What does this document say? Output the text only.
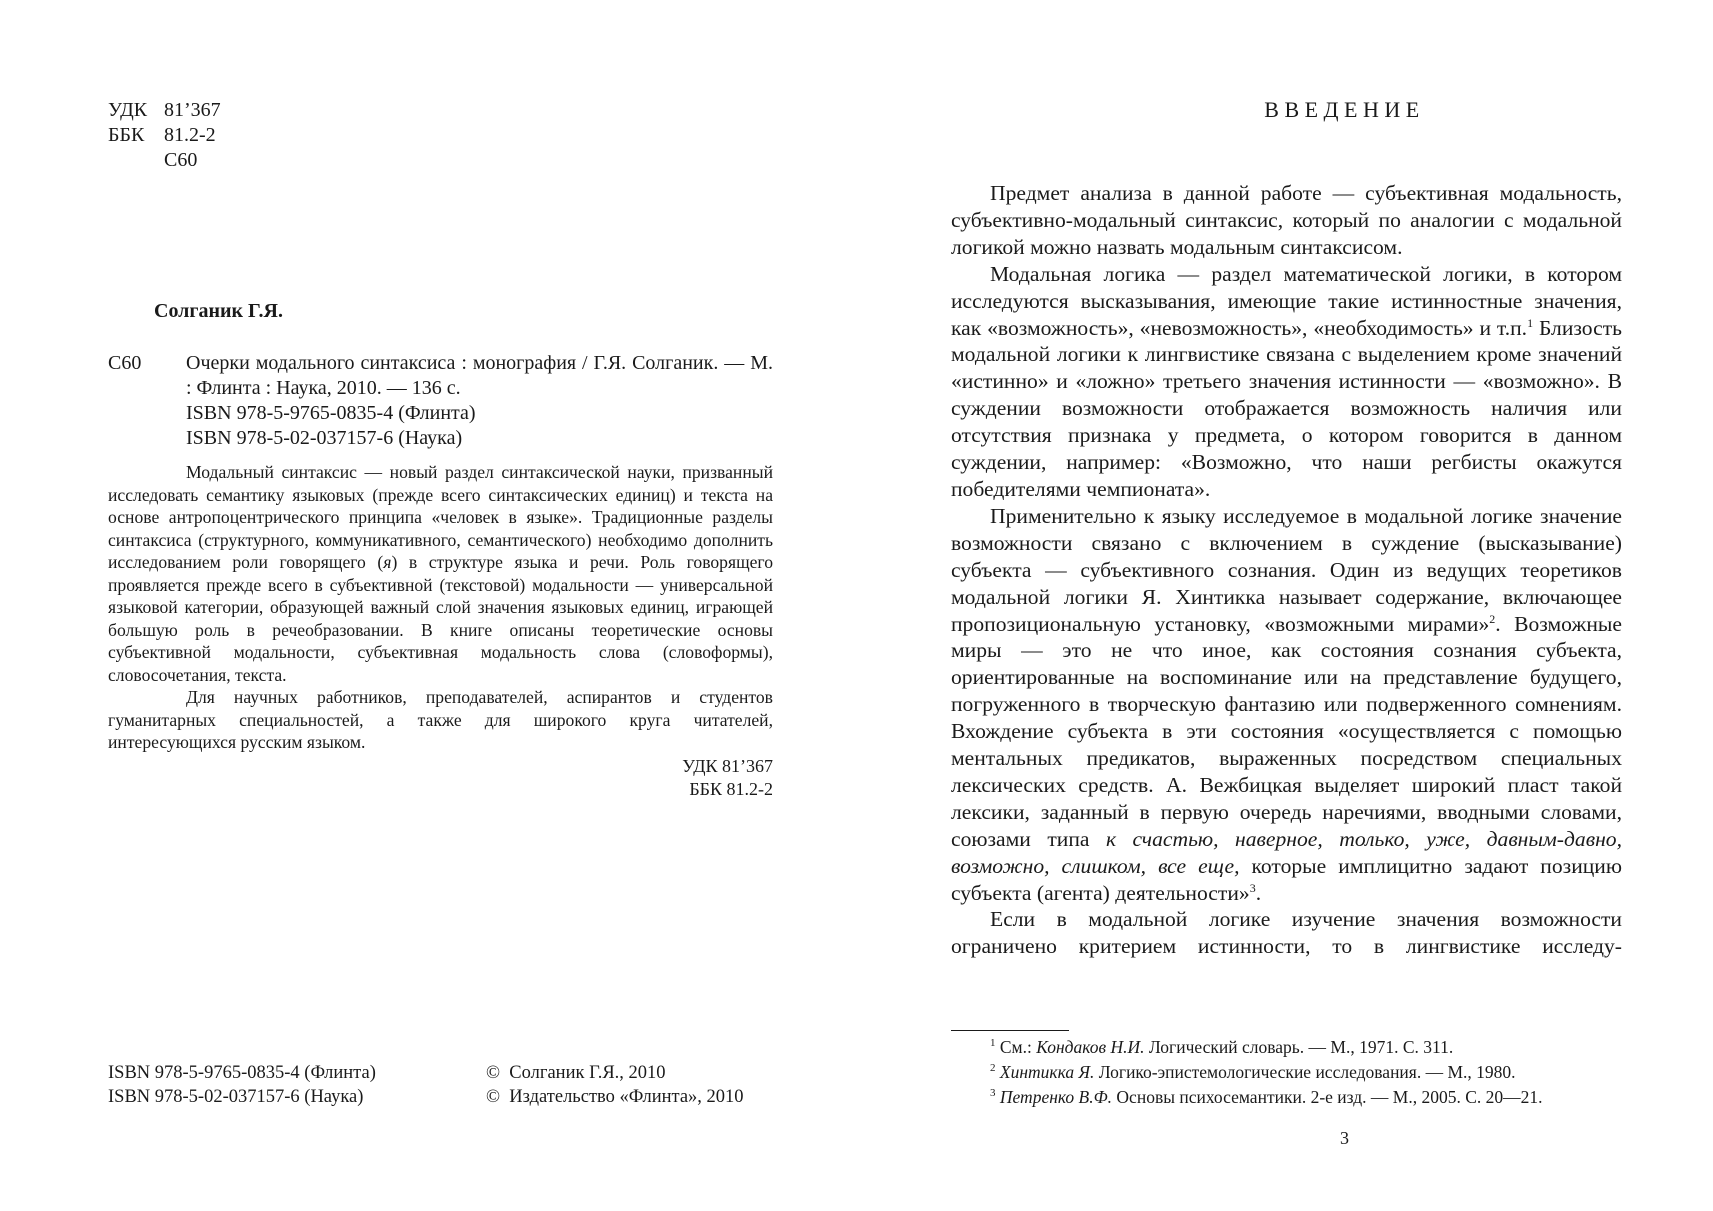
УДК 81’367
ББК 81.2-2
С60
Солганик Г.Я.
С60 Очерки модального синтаксиса : монография / Г.Я. Солганик. — М. : Флинта : Наука, 2010. — 136 с.
ISBN 978-5-9765-0835-4 (Флинта)
ISBN 978-5-02-037157-6 (Наука)

Модальный синтаксис — новый раздел синтаксической науки, призванный исследовать семантику языковых (прежде всего синтаксических единиц) и текста на основе антропоцентрического принципа «человек в языке». Традиционные разделы синтаксиса (структурного, коммуникативного, семантического) необходимо дополнить исследованием роли говорящего (я) в структуре языка и речи. Роль говорящего проявляется прежде всего в субъективной (текстовой) модальности — универсальной языковой категории, образующей важный слой значения языковых единиц, играющей большую роль в речеобразовании. В книге описаны теоретические основы субъективной модальности, субъективная модальность слова (словоформы), словосочетания, текста.

Для научных работников, преподавателей, аспирантов и студентов гуманитарных специальностей, а также для широкого круга читателей, интересующихся русским языком.

УДК 81’367
ББК 81.2-2
ISBN 978-5-9765-0835-4 (Флинта)
ISBN 978-5-02-037157-6 (Наука)
©  Солганик Г.Я., 2010
©  Издательство «Флинта», 2010
ВВЕДЕНИЕ

Предмет анализа в данной работе — субъективная модальность, субъективно-модальный синтаксис, который по аналогии с модальной логикой можно назвать модальным синтаксисом.

Модальная логика — раздел математической логики, в котором исследуются высказывания, имеющие такие истинностные значения, как «возможность», «невозможность», «необходимость» и т.п.$^1$ Близость модальной логики к лингвистике связана с выделением кроме значений «истинно» и «ложно» третьего значения истинности — «возможно». В суждении возможности отображается возможность наличия или отсутствия признака у предмета, о котором говорится в данном суждении, например: «Возможно, что наши регбисты окажутся победителями чемпионата».

Применительно к языку исследуемое в модальной логике значение возможности связано с включением в суждение (высказывание) субъекта — субъективного сознания. Один из ведущих теоретиков модальной логики Я. Хинтикка называет содержание, включающее пропозициональную установку, «возможными мирами»$^2$. Возможные миры — это не что иное, как состояния сознания субъекта, ориентированные на воспоминание или на представление будущего, погруженного в творческую фантазию или подверженного сомнениям. Вхождение субъекта в эти состояния «осуществляется с помощью ментальных предикатов, выраженных посредством специальных лексических средств. А. Вежбицкая выделяет широкий пласт такой лексики, заданный в первую очередь наречиями, вводными словами, союзами типа к счастью, наверное, только, уже, давным-давно, возможно, слишком, все еще, которые имплицитно задают позицию субъекта (агента) деятельности»$^3$.

Если в модальной логике изучение значения возможности ограничено критерием истинности, то в лингвистике исследу-

$^1$ См.: Кондаков Н.И. Логический словарь. — М., 1971. С. 311.
$^2$ Хинтикка Я. Логико-эпистемологические исследования. — М., 1980.
$^3$ Петренко В.Ф. Основы психосемантики. 2-е изд. — М., 2005. С. 20—21.
3
